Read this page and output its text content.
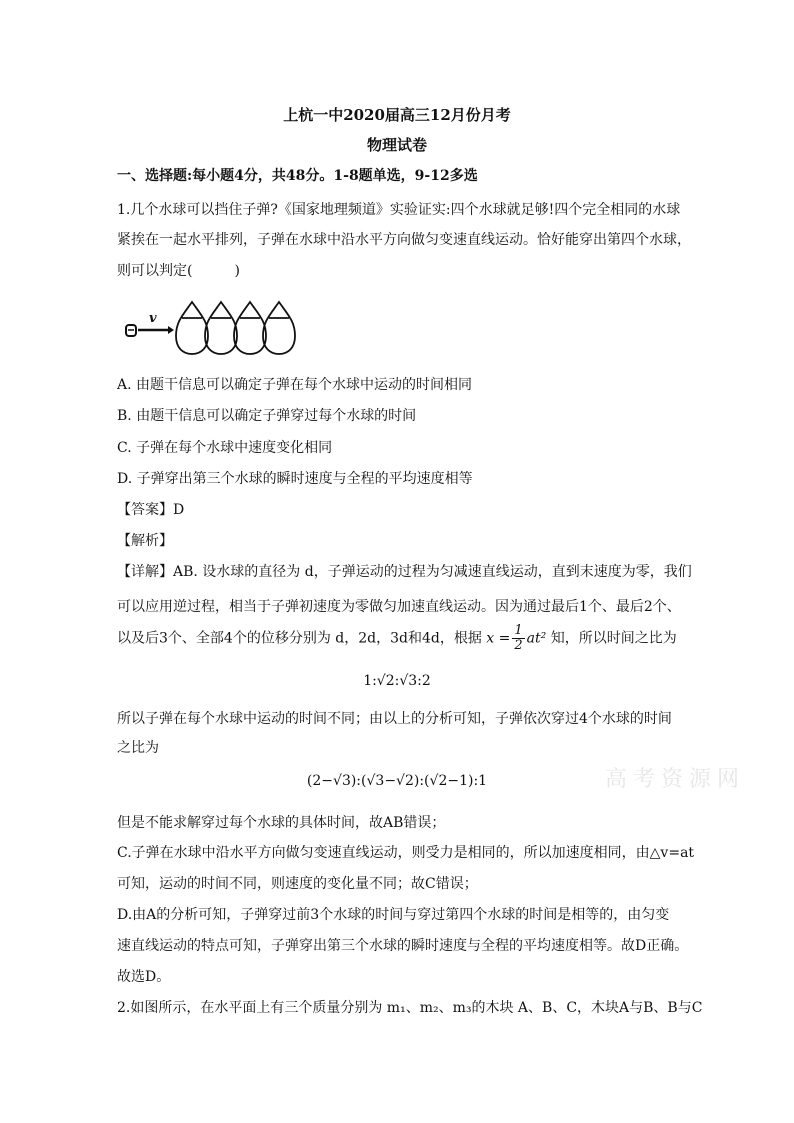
上杭一中2020届高三12月份月考
物理试卷
一、选择题:每小题4分，共48分。1-8题单选，9-12多选
1.几个水球可以挡住子弹?《国家地理频道》实验证实:四个水球就足够!四个完全相同的水球
紧挨在一起水平排列，子弹在水球中沿水平方向做匀变速直线运动。恰好能穿出第四个水球，
则可以判定(　　　)
v
A. 由题干信息可以确定子弹在每个水球中运动的时间相同
B. 由题干信息可以确定子弹穿过每个水球的时间
C. 子弹在每个水球中速度变化相同
D. 子弹穿出第三个水球的瞬时速度与全程的平均速度相等
【答案】D
【解析】
【详解】AB. 设水球的直径为 d，子弹运动的过程为匀减速直线运动，直到末速度为零，我们
可以应用逆过程，相当于子弹初速度为零做匀加速直线运动。因为通过最后1个、最后2个、
以及后3个、全部4个的位移分别为 d，2d，3d和4d，根据 $x = \frac{1}{2} at^2$ 知，所以时间之比为
1:√2:√3:2
所以子弹在每个水球中运动的时间不同；由以上的分析可知，子弹依次穿过4个水球的时间
之比为
(2−√3):(√3−√2):(√2−1):1
但是不能求解穿过每个水球的具体时间，故AB错误；
C.子弹在水球中沿水平方向做匀变速直线运动，则受力是相同的，所以加速度相同，由△v=at
可知，运动的时间不同，则速度的变化量不同；故C错误；
D.由A的分析可知，子弹穿过前3个水球的时间与穿过第四个水球的时间是相等的，由匀变
速直线运动的特点可知，子弹穿出第三个水球的瞬时速度与全程的平均速度相等。故D正确。
故选D。
2.如图所示，在水平面上有三个质量分别为 m₁、m₂、m₃的木块 A、B、C，木块A与B、B与C
高考资源网
